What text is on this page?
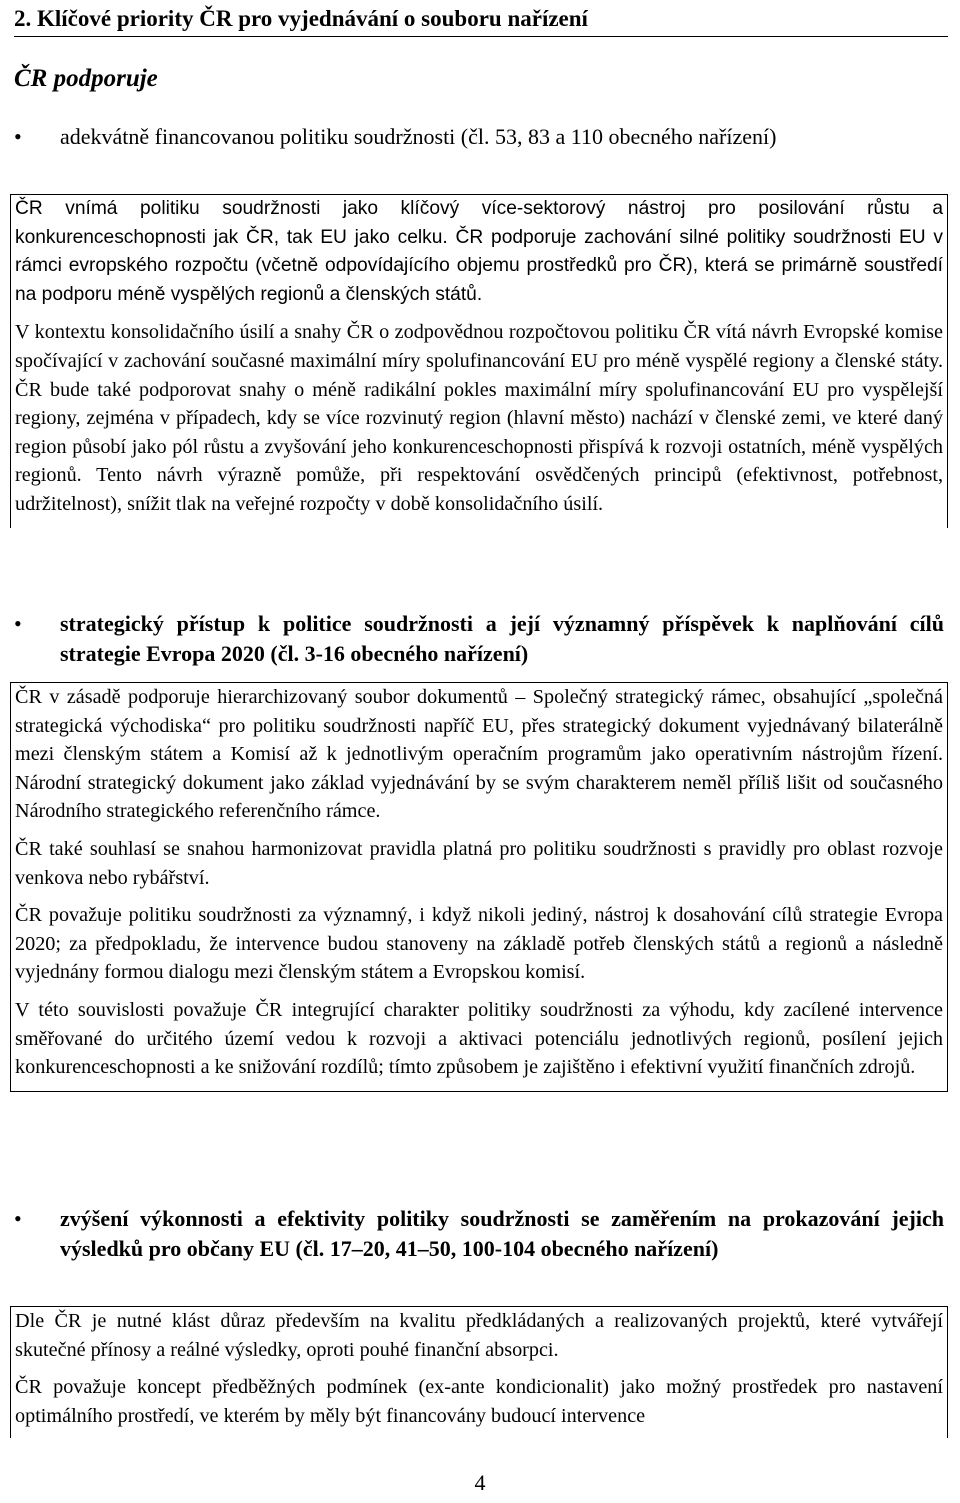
2. Klíčové priority ČR pro vyjednávání o souboru nařízení
ČR podporuje
•	adekvátně financovanou politiku soudržnosti (čl. 53, 83 a 110 obecného nařízení)

ČR vnímá politiku soudržnosti jako klíčový více-sektorový nástroj pro posilování růstu a konkurenceschopnosti jak ČR, tak EU jako celku. ČR podporuje zachování silné politiky soudržnosti EU v rámci evropského rozpočtu (včetně odpovídajícího objemu prostředků pro ČR), která se primárně soustředí na podporu méně vyspělých regionů a členských států.

V kontextu konsolidačního úsilí a snahy ČR o zodpovědnou rozpočtovou politiku ČR vítá návrh Evropské komise spočívající v zachování současné maximální míry spolufinancování EU pro méně vyspělé regiony a členské státy. ČR bude také podporovat snahy o méně radikální pokles maximální míry spolufinancování EU pro vyspělejší regiony, zejména v případech, kdy se více rozvinutý region (hlavní město) nachází v členské zemi, ve které daný region působí jako pól růstu a zvyšování jeho konkurenceschopnosti přispívá k rozvoji ostatních, méně vyspělých regionů. Tento návrh výrazně pomůže, při respektování osvědčených principů (efektivnost, potřebnost, udržitelnost), snížit tlak na veřejné rozpočty v době konsolidačního úsilí.

•	strategický přístup k politice soudržnosti a její významný příspěvek k naplňování cílů strategie Evropa 2020 (čl. 3-16 obecného nařízení)

ČR v zásadě podporuje hierarchizovaný soubor dokumentů – Společný strategický rámec, obsahující „společná strategická východiska“ pro politiku soudržnosti napříč EU, přes strategický dokument vyjednávaný bilaterálně mezi členským státem a Komisí až k jednotlivým operačním programům jako operativním nástrojům řízení. Národní strategický dokument jako základ vyjednávání by se svým charakterem neměl příliš lišit od současného Národního strategického referenčního rámce.

ČR také souhlasí se snahou harmonizovat pravidla platná pro politiku soudržnosti s pravidly pro oblast rozvoje venkova nebo rybářství.

ČR považuje politiku soudržnosti za významný, i když nikoli jediný, nástroj k dosahování cílů strategie Evropa 2020; za předpokladu, že intervence budou stanoveny na základě potřeb členských států a regionů a následně vyjednány formou dialogu mezi členským státem a Evropskou komisí.

V této souvislosti považuje ČR integrující charakter politiky soudržnosti za výhodu, kdy zacílené intervence směřované do určitého území vedou k rozvoji a aktivaci potenciálu jednotlivých regionů, posílení jejich konkurenceschopnosti a ke snižování rozdílů; tímto způsobem je zajištěno i efektivní využití finančních zdrojů.

•	zvýšení výkonnosti a efektivity politiky soudržnosti se zaměřením na prokazování jejich výsledků pro občany EU (čl. 17–20, 41–50, 100-104 obecného nařízení)

Dle ČR je nutné klást důraz především na kvalitu předkládaných a realizovaných projektů, které vytvářejí skutečné přínosy a reálné výsledky, oproti pouhé finanční absorpci.

ČR považuje koncept předběžných podmínek (ex-ante kondicionalit) jako možný prostředek pro nastavení optimálního prostředí, ve kterém by měly být financovány budoucí intervence

4
